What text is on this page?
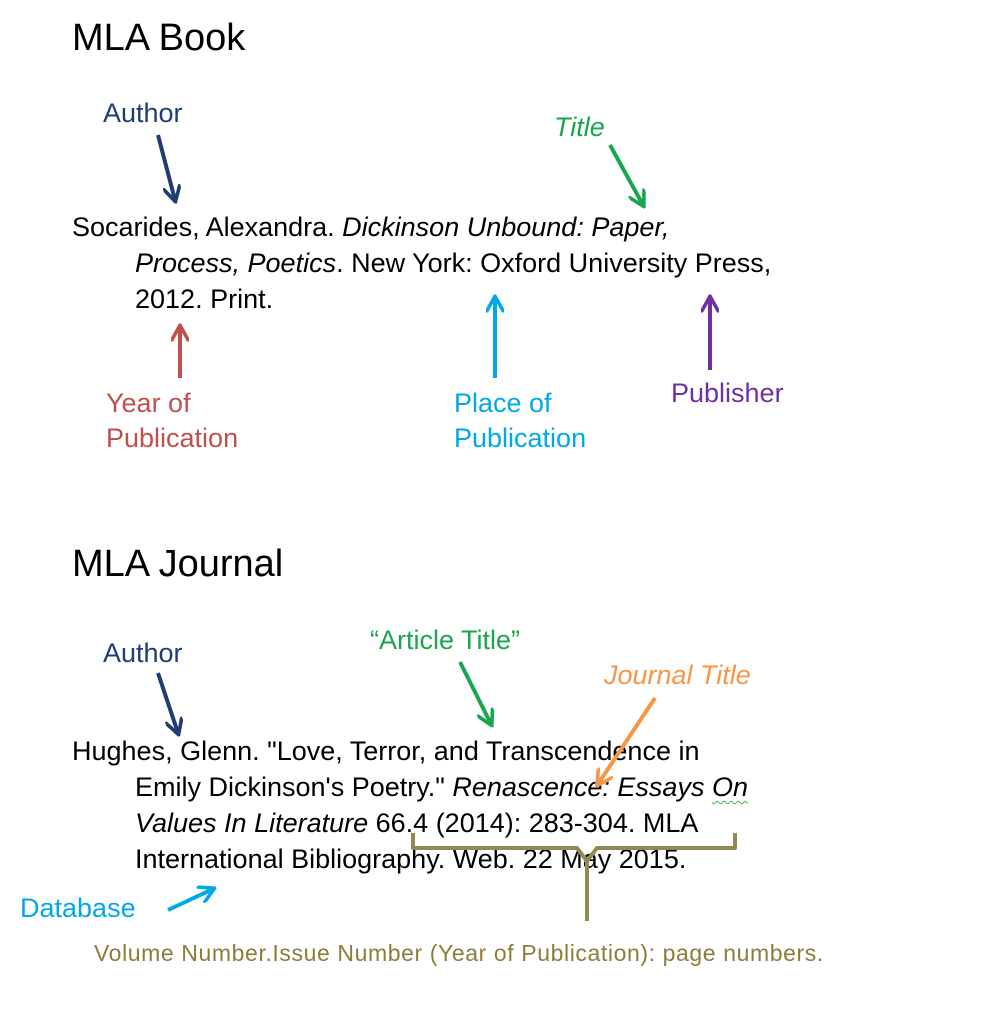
MLA Book
Author	Title
Socarides, Alexandra. Dickinson Unbound: Paper,
Process, Poetics. New York: Oxford University Press,
2012. Print.
Year of
Publication
Place of
Publication
Publisher
MLA Journal
Author	“Article Title”
Journal Title
Hughes, Glenn. "Love, Terror, and Transcendence in
Emily Dickinson's Poetry." Renascence: Essays On
Values In Literature 66.4 (2014): 283-304. MLA
International Bibliography. Web. 22 May 2015.
Database
Volume Number.Issue Number (Year of Publication): page numbers.
